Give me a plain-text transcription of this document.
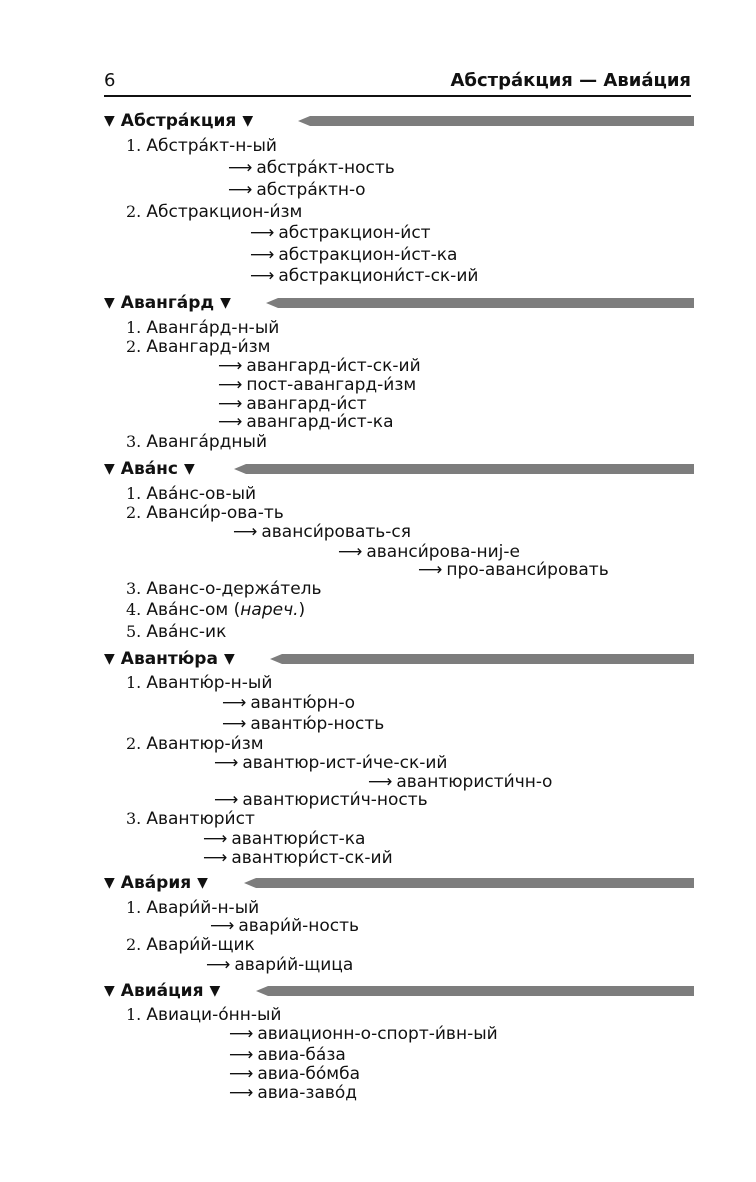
6	Абстра́кция — Авиа́ция
▼ Абстра́кция ▼
1. Абстра́кт-н-ый
⟶ абстра́кт-ность
⟶ абстра́ктн-о
2. Абстракцион-и́зм
⟶ абстракцион-и́ст
⟶ абстракцион-и́ст-ка
⟶ абстракциони́ст-ск-ий
▼ Аванга́рд ▼
1. Аванга́рд-н-ый
2. Авангард-и́зм
⟶ авангард-и́ст-ск-ий
⟶ пост-авангард-и́зм
⟶ авангард-и́ст
⟶ авангард-и́ст-ка
3. Аванга́рдный
▼ Ава́нс ▼
1. Ава́нс-ов-ый
2. Аванси́р-ова-ть
⟶ аванси́ровать-ся
⟶ аванси́рова-ниj-е
⟶ про-аванси́ровать
3. Аванс-о-держа́тель
4. Ава́нс-ом (нареч.)
5. Ава́нс-ик
▼ Авантю́ра ▼
1. Авантю́р-н-ый
⟶ авантю́рн-о
⟶ авантю́р-ность
2. Авантюр-и́зм
⟶ авантюр-ист-и́че-ск-ий
⟶ авантюристи́чн-о
⟶ авантюристи́ч-ность
3. Авантюри́ст
⟶ авантюри́ст-ка
⟶ авантюри́ст-ск-ий
▼ Ава́рия ▼
1. Авари́й-н-ый
⟶ авари́й-ность
2. Авари́й-щик
⟶ авари́й-щица
▼ Авиа́ция ▼
1. Авиаци-о́нн-ый
⟶ авиационн-о-спорт-и́вн-ый
⟶ авиа-ба́за
⟶ авиа-бо́мба
⟶ авиа-заво́д
